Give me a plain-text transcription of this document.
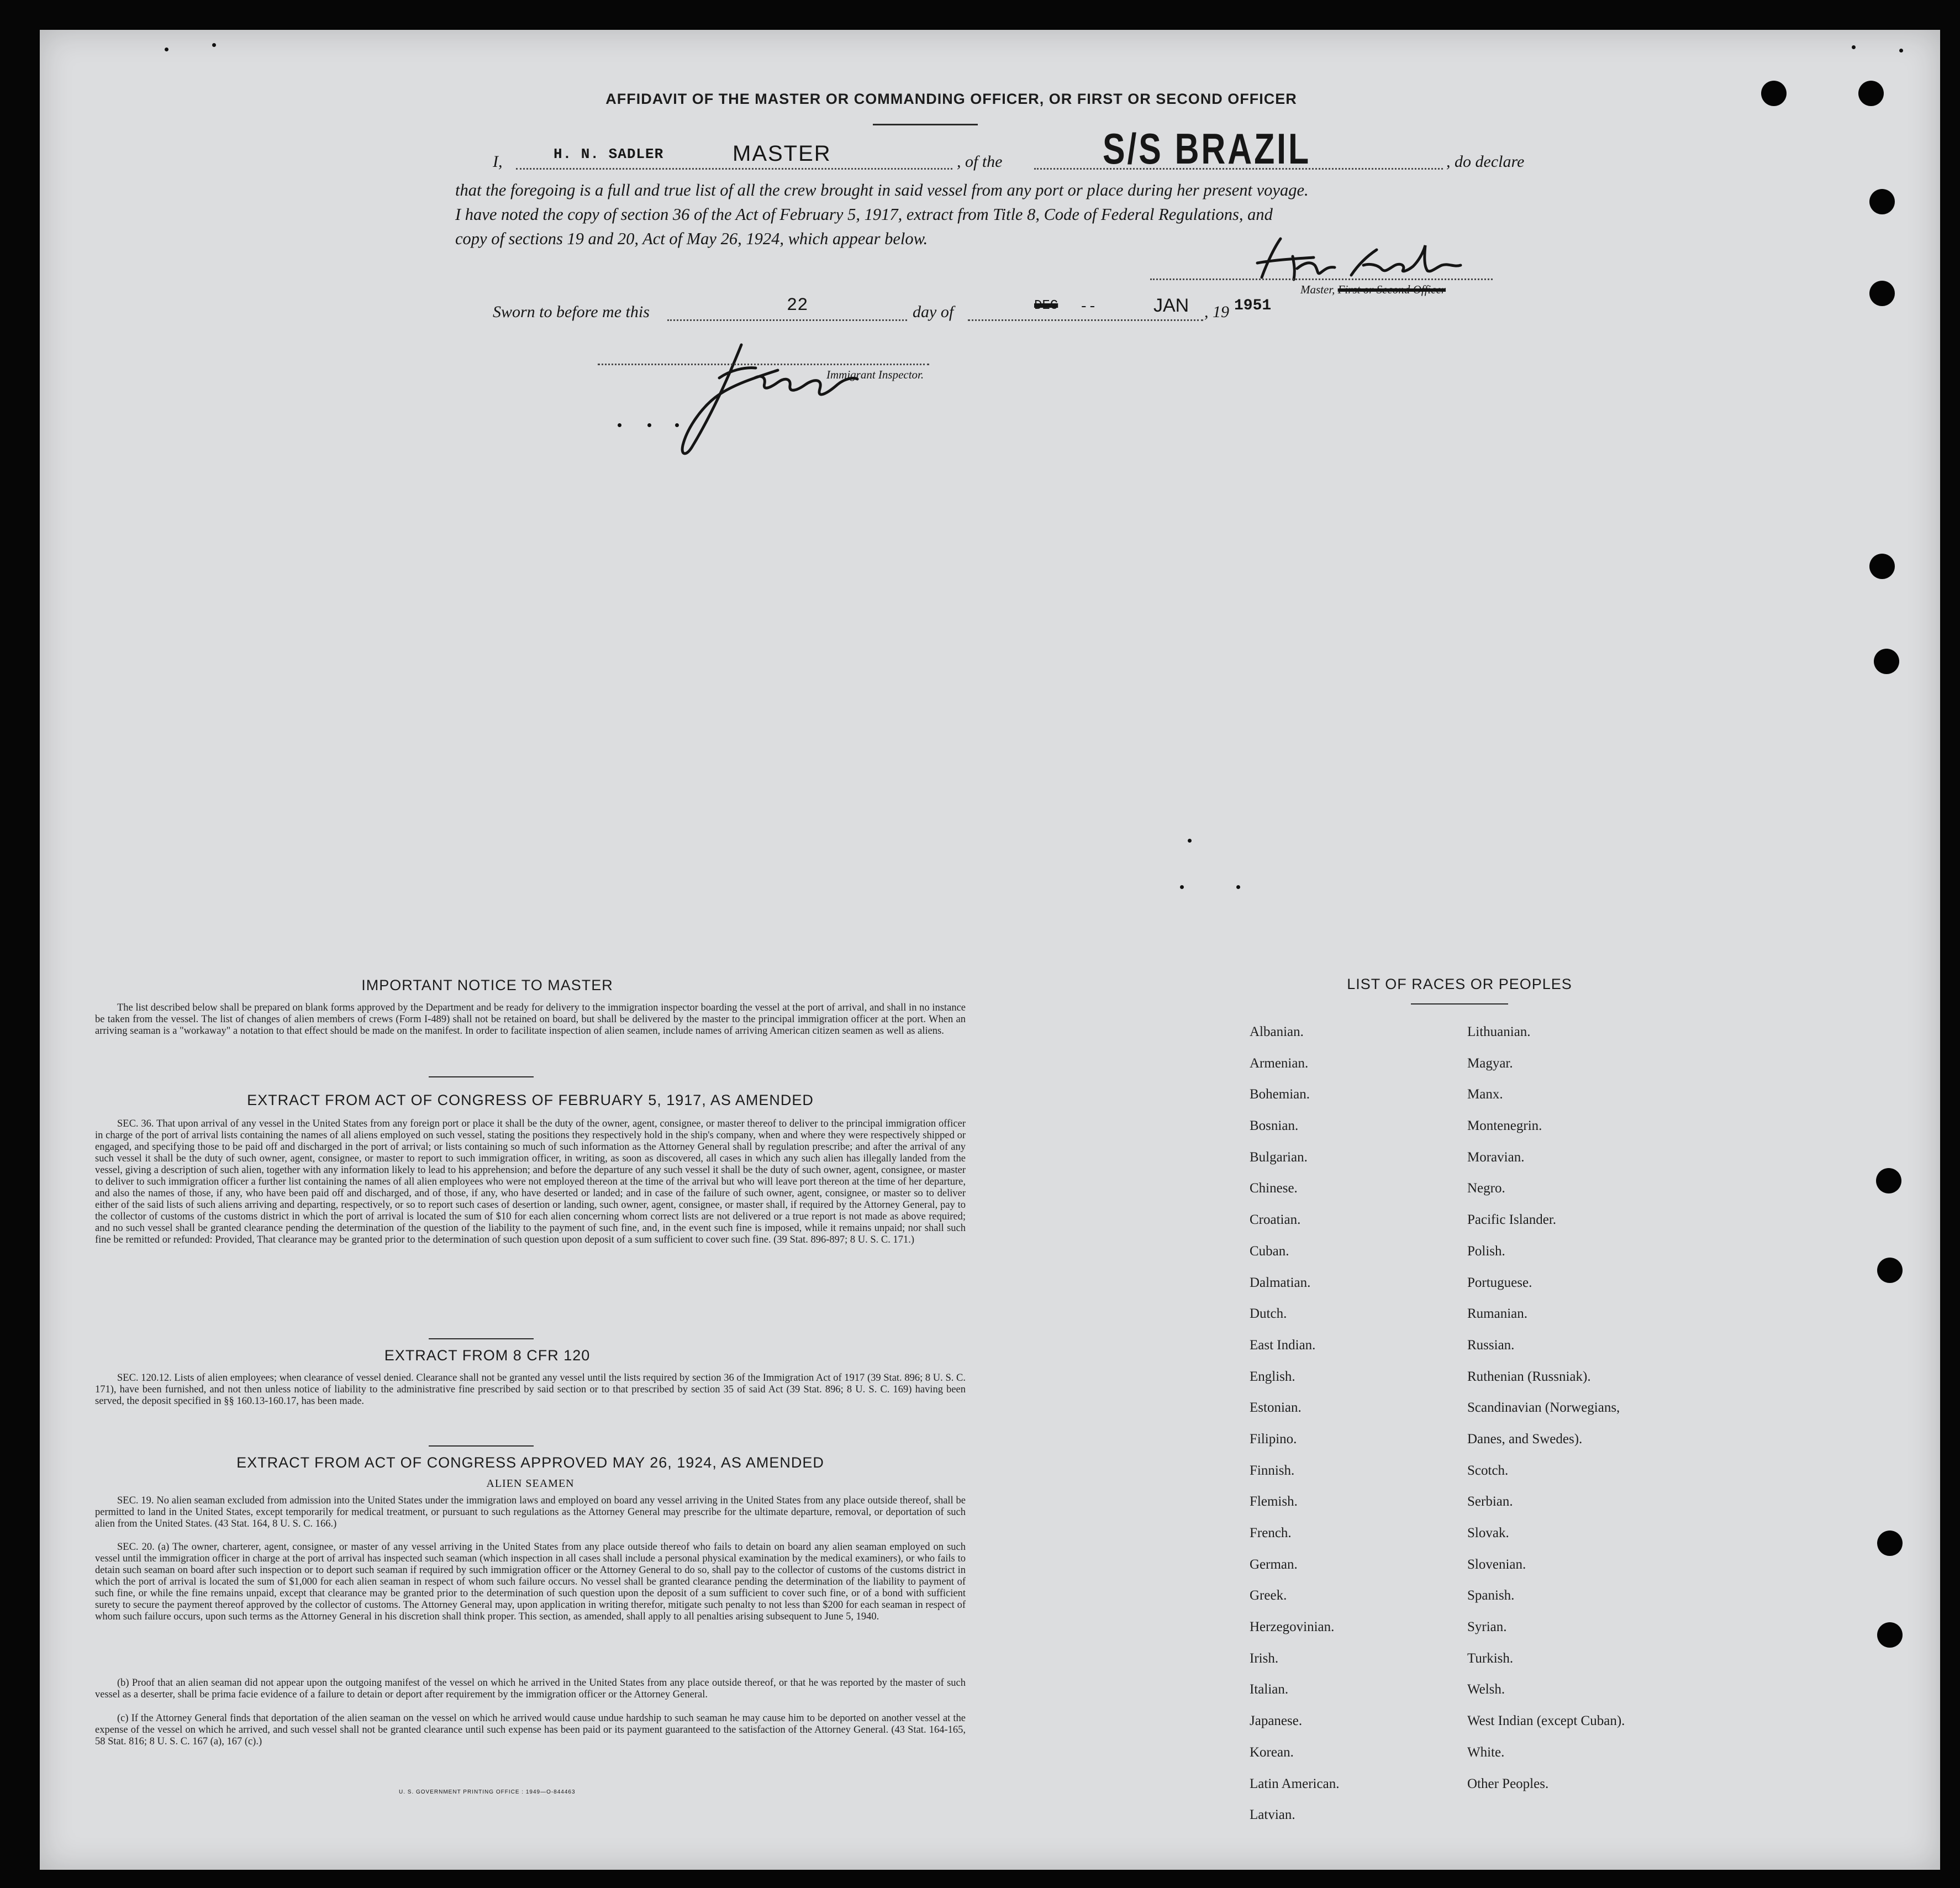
AFFIDAVIT OF THE MASTER OR COMMANDING OFFICER, OR FIRST OR SECOND OFFICER
I,	H. N. SADLER	MASTER	, of the S/S BRAZIL	, do declare
that the foregoing is a full and true list of all the crew brought in said vessel from any port or place during her present voyage.
I have noted the copy of section 36 of the Act of February 5, 1917, extract from Title 8, Code of Federal Regulations, and
copy of sections 19 and 20, Act of May 26, 1924, which appear below.
Hn Sadler
Master, First or Second Officer
Sworn to before me this	22	day of	DEC --	JAN , 19 1951
Singer
Immigrant Inspector.
IMPORTANT NOTICE TO MASTER

The list described below shall be prepared on blank forms approved by the Department and be ready for delivery to the immigration inspector boarding the vessel at the port of arrival, and shall in no instance be taken from the vessel. The list of changes of alien members of crews (Form I-489) shall not be retained on board, but shall be delivered by the master to the principal immigration officer at the port. When an arriving seaman is a "workaway" a notation to that effect should be made on the manifest. In order to facilitate inspection of alien seamen, include names of arriving American citizen seamen as well as aliens.

EXTRACT FROM ACT OF CONGRESS OF FEBRUARY 5, 1917, AS AMENDED

SEC. 36. That upon arrival of any vessel in the United States from any foreign port or place it shall be the duty of the owner, agent, consignee, or master thereof to deliver to the principal immigration officer in charge of the port of arrival lists containing the names of all aliens employed on such vessel, stating the positions they respectively hold in the ship's company, when and where they were respectively shipped or engaged, and specifying those to be paid off and discharged in the port of arrival; or lists containing so much of such information as the Attorney General shall by regulation prescribe; and after the arrival of any such vessel it shall be the duty of such owner, agent, consignee, or master to report to such immigration officer, in writing, as soon as discovered, all cases in which any such alien has illegally landed from the vessel, giving a description of such alien, together with any information likely to lead to his apprehension; and before the departure of any such vessel it shall be the duty of such owner, agent, consignee, or master to deliver to such immigration officer a further list containing the names of all alien employees who were not employed thereon at the time of the arrival but who will leave port thereon at the time of her departure, and also the names of those, if any, who have been paid off and discharged, and of those, if any, who have deserted or landed; and in case of the failure of such owner, agent, consignee, or master so to deliver either of the said lists of such aliens arriving and departing, respectively, or so to report such cases of desertion or landing, such owner, agent, consignee, or master shall, if required by the Attorney General, pay to the collector of customs of the customs district in which the port of arrival is located the sum of $10 for each alien concerning whom correct lists are not delivered or a true report is not made as above required; and no such vessel shall be granted clearance pending the determination of the question of the liability to the payment of such fine, and, in the event such fine is imposed, while it remains unpaid; nor shall such fine be remitted or refunded: Provided, That clearance may be granted prior to the determination of such question upon deposit of a sum sufficient to cover such fine. (39 Stat. 896-897; 8 U. S. C. 171.)

EXTRACT FROM 8 CFR 120

SEC. 120.12. Lists of alien employees; when clearance of vessel denied. Clearance shall not be granted any vessel until the lists required by section 36 of the Immigration Act of 1917 (39 Stat. 896; 8 U. S. C. 171), have been furnished, and not then unless notice of liability to the administrative fine prescribed by said section or to that prescribed by section 35 of said Act (39 Stat. 896; 8 U. S. C. 169) having been served, the deposit specified in §§ 160.13-160.17, has been made.

EXTRACT FROM ACT OF CONGRESS APPROVED MAY 26, 1924, AS AMENDED
ALIEN SEAMEN

SEC. 19. No alien seaman excluded from admission into the United States under the immigration laws and employed on board any vessel arriving in the United States from any place outside thereof, shall be permitted to land in the United States, except temporarily for medical treatment, or pursuant to such regulations as the Attorney General may prescribe for the ultimate departure, removal, or deportation of such alien from the United States. (43 Stat. 164, 8 U. S. C. 166.)

SEC. 20. (a) The owner, charterer, agent, consignee, or master of any vessel arriving in the United States from any place outside thereof who fails to detain on board any alien seaman employed on such vessel until the immigration officer in charge at the port of arrival has inspected such seaman (which inspection in all cases shall include a personal physical examination by the medical examiners), or who fails to detain such seaman on board after such inspection or to deport such seaman if required by such immigration officer or the Attorney General to do so, shall pay to the collector of customs of the customs district in which the port of arrival is located the sum of $1,000 for each alien seaman in respect of whom such failure occurs. No vessel shall be granted clearance pending the determination of the liability to payment of such fine, or while the fine remains unpaid, except that clearance may be granted prior to the determination of such question upon the deposit of a sum sufficient to cover such fine, or of a bond with sufficient surety to secure the payment thereof approved by the collector of customs. The Attorney General may, upon application in writing therefor, mitigate such penalty to not less than $200 for each seaman in respect of whom such failure occurs, upon such terms as the Attorney General in his discretion shall think proper. This section, as amended, shall apply to all penalties arising subsequent to June 5, 1940.

(b) Proof that an alien seaman did not appear upon the outgoing manifest of the vessel on which he arrived in the United States from any place outside thereof, or that he was reported by the master of such vessel as a deserter, shall be prima facie evidence of a failure to detain or deport after requirement by the immigration officer or the Attorney General.

(c) If the Attorney General finds that deportation of the alien seaman on the vessel on which he arrived would cause undue hardship to such seaman he may cause him to be deported on another vessel at the expense of the vessel on which he arrived, and such vessel shall not be granted clearance until such expense has been paid or its payment guaranteed to the satisfaction of the Attorney General. (43 Stat. 164-165, 58 Stat. 816; 8 U. S. C. 167 (a), 167 (c).)

U. S. GOVERNMENT PRINTING OFFICE : 1949—O-844463
LIST OF RACES OR PEOPLES
Albanian.
Armenian.
Bohemian.
Bosnian.
Bulgarian.
Chinese.
Croatian.
Cuban.
Dalmatian.
Dutch.
East Indian.
English.
Estonian.
Filipino.
Finnish.
Flemish.
French.
German.
Greek.
Herzegovinian.
Irish.
Italian.
Japanese.
Korean.
Latin American.
Latvian.
Lithuanian.
Magyar.
Manx.
Montenegrin.
Moravian.
Negro.
Pacific Islander.
Polish.
Portuguese.
Rumanian.
Russian.
Ruthenian (Russniak).
Scandinavian (Norwegians,
Danes, and Swedes).
Scotch.
Serbian.
Slovak.
Slovenian.
Spanish.
Syrian.
Turkish.
Welsh.
West Indian (except Cuban).
White.
Other Peoples.
